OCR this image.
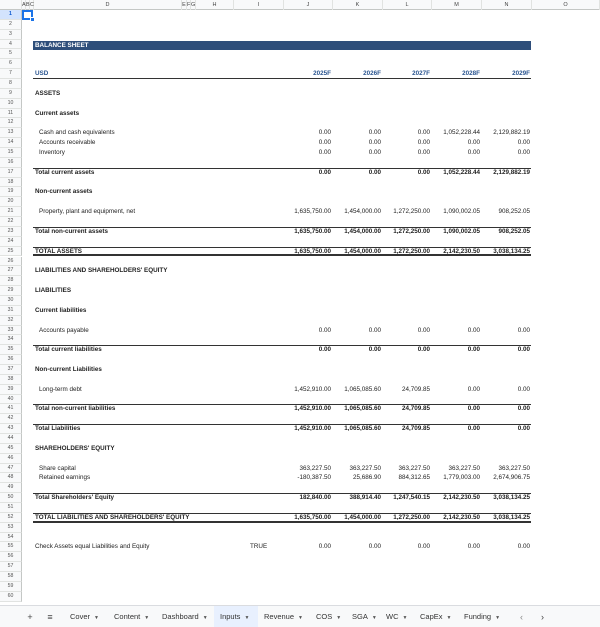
A B C	D	E F G	H	I	J	K	L	M	N	O
1
2
3
4	BALANCE SHEET
5
6
7	USD	2025F	2026F	2027F	2028F	2029F
8
9	ASSETS
10
11	Current assets
12
13	Cash and cash equivalents	0.00	0.00	0.00	1,052,228.44	2,129,882.19
14	Accounts receivable	0.00	0.00	0.00	0.00	0.00
15	Inventory	0.00	0.00	0.00	0.00	0.00
16
17	Total current assets	0.00	0.00	0.00	1,052,228.44	2,129,882.19
18
19	Non-current assets
20
21	Property, plant and equipment, net	1,635,750.00	1,454,000.00	1,272,250.00	1,090,002.05	908,252.05
22
23	Total non-current assets	1,635,750.00	1,454,000.00	1,272,250.00	1,090,002.05	908,252.05
24
25	TOTAL ASSETS	1,635,750.00	1,454,000.00	1,272,250.00	2,142,230.50	3,038,134.25
26
27	LIABILITIES AND SHAREHOLDERS' EQUITY
28
29	LIABILITIES
30
31	Current liabilities
32
33	Accounts payable	0.00	0.00	0.00	0.00	0.00
34
35	Total current liabilities	0.00	0.00	0.00	0.00	0.00
36
37	Non-current Liabilities
38
39	Long-term debt	1,452,910.00	1,065,085.60	24,709.85	0.00	0.00
40
41	Total non-current liabilities	1,452,910.00	1,065,085.60	24,709.85	0.00	0.00
42
43	Total Liabilities	1,452,910.00	1,065,085.60	24,709.85	0.00	0.00
44
45	SHAREHOLDERS' EQUITY
46
47	Share capital	363,227.50	363,227.50	363,227.50	363,227.50	363,227.50
48	Retained earnings	-180,387.50	25,686.90	884,312.65	1,779,003.00	2,674,906.75
49
50	Total Shareholders' Equity	182,840.00	388,914.40	1,247,540.15	2,142,230.50	3,038,134.25
51
52	TOTAL LIABILITIES AND SHAREHOLDERS' EQUITY	1,635,750.00	1,454,000.00	1,272,250.00	2,142,230.50	3,038,134.25
53
54
55	Check Assets equal Liabilities and Equity	TRUE	0.00	0.00	0.00	0.00	0.00
56
57
58
59
60
+	≡	Cover ▼	Content ▼	Dashboard ▼	Inputs ▼	Revenue ▼	COS ▼	SGA ▼	WC ▼	CapEx ▼	Funding ▼	‹ ›
